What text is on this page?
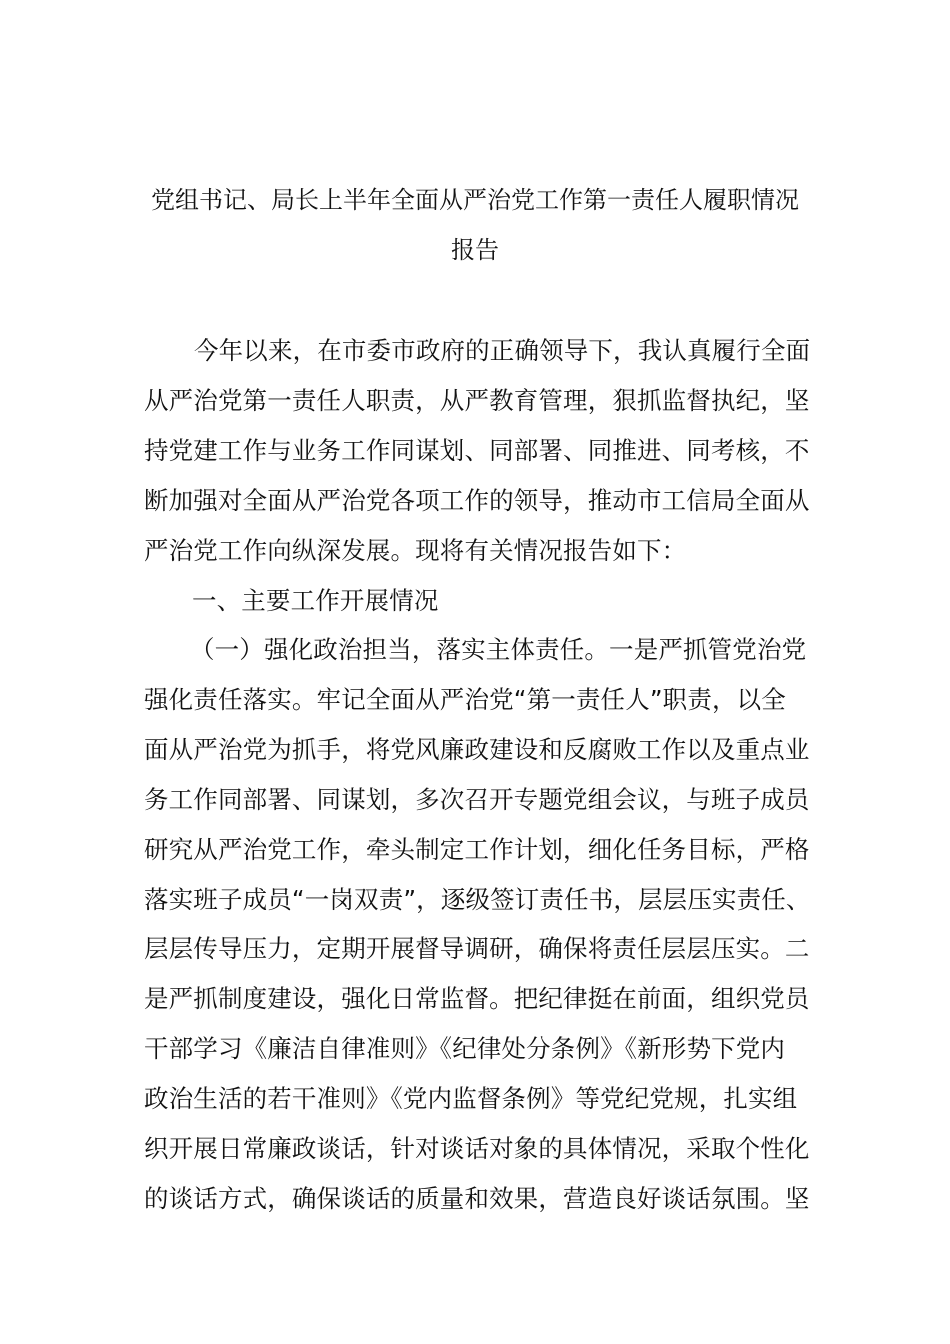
党组书记、局长上半年全面从严治党工作第一责任人履职情况
报告
今年以来，在市委市政府的正确领导下，我认真履行全面
从严治党第一责任人职责，从严教育管理，狠抓监督执纪，坚
持党建工作与业务工作同谋划、同部署、同推进、同考核，不
断加强对全面从严治党各项工作的领导，推动市工信局全面从
严治党工作向纵深发展。现将有关情况报告如下：
一、主要工作开展情况
（一）强化政治担当，落实主体责任。一是严抓管党治党
强化责任落实。牢记全面从严治党“第一责任人”职责，以全
面从严治党为抓手，将党风廉政建设和反腐败工作以及重点业
务工作同部署、同谋划，多次召开专题党组会议，与班子成员
研究从严治党工作，牵头制定工作计划，细化任务目标，严格
落实班子成员“一岗双责”，逐级签订责任书，层层压实责任、
层层传导压力，定期开展督导调研，确保将责任层层压实。二
是严抓制度建设，强化日常监督。把纪律挺在前面，组织党员
干部学习《廉洁自律准则》《纪律处分条例》《新形势下党内
政治生活的若干准则》《党内监督条例》等党纪党规，扎实组
织开展日常廉政谈话，针对谈话对象的具体情况，采取个性化
的谈话方式，确保谈话的质量和效果，营造良好谈话氛围。坚
